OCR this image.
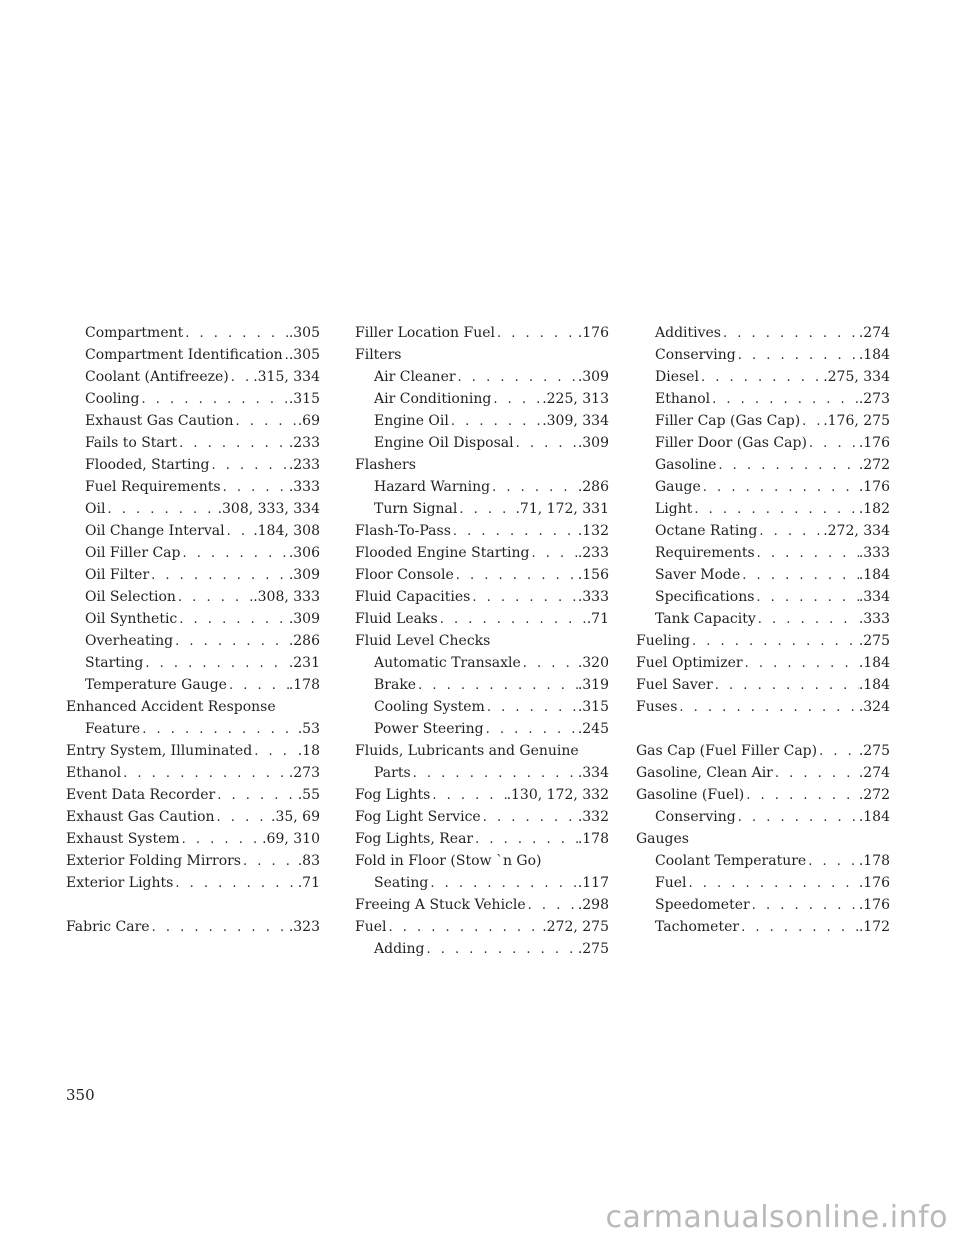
Compartment . . .	.305
Compartment Identification . . . .305
Coolant (Antifreeze) . . . .315, 334
Cooling . . .	.315
Exhaust Gas Caution . . .	.69
Fails to Start . . .	.233
Flooded, Starting . . .	.233
Fuel Requirements . . .	.333
Oil . . .	.308, 333, 334
Oil Change Interval . . . .184, 308
Oil Filler Cap . . .	.306
Oil Filter . . .	.309
Oil Selection . . .	.308, 333
Oil Synthetic . . .	.309
Overheating . . .	.286
Starting . . .	.231
Temperature Gauge . . .	.178
Enhanced Accident Response
Feature . . .	.53
Entry System, Illuminated . . .	.18
Ethanol . . .	.273
Event Data Recorder . . .	.55
Exhaust Gas Caution . . .	.35, 69
Exhaust System . . .	.69, 310
Exterior Folding Mirrors . . .	.83
Exterior Lights . . .	.71
Fabric Care . . .	.323
Filler Location Fuel . . .	.176
Filters
Air Cleaner . . .	.309
Air Conditioning . . .	.225, 313
Engine Oil . . .	.309, 334
Engine Oil Disposal . . .	.309
Flashers
Hazard Warning . . .	.286
Turn Signal . . .	.71, 172, 331
Flash-To-Pass . . .	.132
Flooded Engine Starting . . .	.233
Floor Console . . .	.156
Fluid Capacities . . .	.333
Fluid Leaks . . .	.71
Fluid Level Checks
Automatic Transaxle . . .	.320
Brake . . .	.319
Cooling System . . .	.315
Power Steering . . .	.245
Fluids, Lubricants and Genuine
Parts . . .	.334
Fog Lights . . .	.130, 172, 332
Fog Light Service . . .	.332
Fog Lights, Rear . . .	.178
Fold in Floor (Stow `n Go)
Seating . . .	.117
Freeing A Stuck Vehicle . . .	.298
Fuel . . .	.272, 275
Adding . . .	.275
Additives . . .	.274
Conserving . . .	.184
Diesel . . .	.275, 334
Ethanol . . .	.273
Filler Cap (Gas Cap) . . . .176, 275
Filler Door (Gas Cap) . . .	.176
Gasoline . . .	.272
Gauge . . .	.176
Light . . .	.182
Octane Rating . . .	.272, 334
Requirements . . .	.333
Saver Mode . . .	.184
Specifications . . .	.334
Tank Capacity . . .	.333
Fueling . . .	.275
Fuel Optimizer . . .	.184
Fuel Saver . . .	.184
Fuses . . .	.324
Gas Cap (Fuel Filler Cap) . . .	.275
Gasoline, Clean Air . . .	.274
Gasoline (Fuel) . . .	.272
Conserving . . .	.184
Gauges
Coolant Temperature . . .	.178
Fuel . . .	.176
Speedometer . . .	.176
Tachometer . . .	.172
350
carmanualsonline.info
